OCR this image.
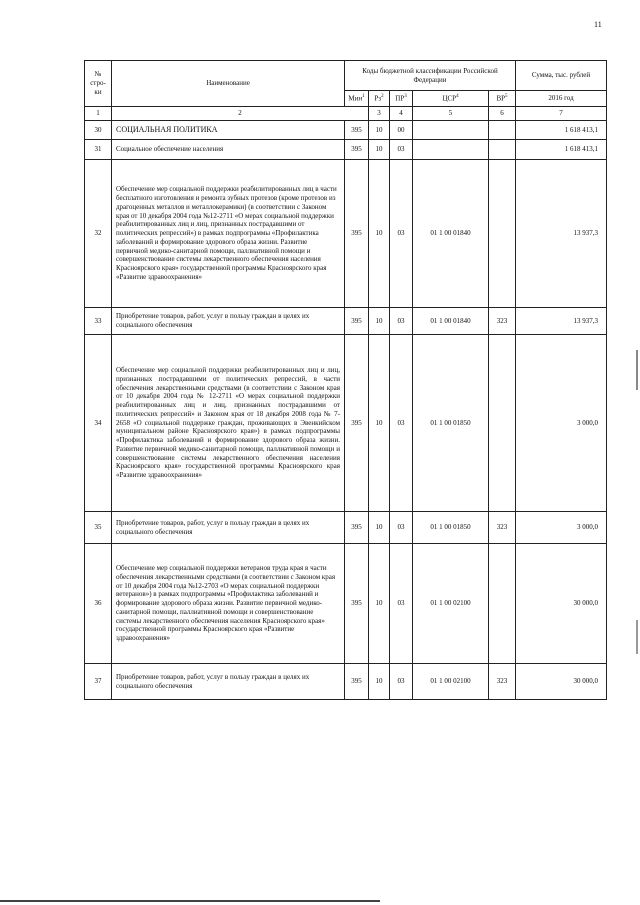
11
№ стро-ки	Наименование	Коды бюджетной классификации Российской Федерации					Сумма, тыс. рублей
		Мин$^1$	$Рз^2$	$ПР^3$	ЦСР$^4$	$ВР^5$	2016 год
1	2		3	4	5	6	7
30	СОЦИАЛЬНАЯ ПОЛИТИКА	395	10	00			1 618 413,1
31	Социальное обеспечение населения	395	10	03			1 618 413,1
32	Обеспечение мер социальной поддержки реабилитированных лиц в части бесплатного изготовления и ремонта зубных протезов (кроме протезов из драгоценных металлов и металлокерамики) (в соответствии с Законом края от 10 декабря 2004 года №12-2711 «О мерах социальной поддержки реабилитированных лиц и лиц, признанных пострадавшими от политических репрессий») в рамках подпрограммы «Профилактика заболеваний и формирование здорового образа жизни. Развитие первичной медико-санитарной помощи, паллиативной помощи и совершенствование системы лекарственного обеспечения населения Красноярского края» государственной программы Красноярского края «Развитие здравоохранения»	395	10	03	01 1 00 01840		13 937,3
33	Приобретение товаров, работ, услуг в пользу граждан в целях их социального обеспечения	395	10	03	01 1 00 01840	323	13 937,3
34	Обеспечение мер социальной поддержки реабилитированных лиц и лиц, признанных пострадавшими от политических репрессий, в части обеспечения лекарственными средствами (в соответствии с Законом края от 10 декабря 2004 года № 12-2711 «О мерах социальной поддержки реабилитированных лиц и лиц, признанных пострадавшими от политических репрессий» и Законом края от 18 декабря 2008 года № 7-2658 «О социальной поддержке граждан, проживающих в Эвенкийском муниципальном районе Красноярского края») в рамках подпрограммы «Профилактика заболеваний и формирование здорового образа жизни. Развитие первичной медико-санитарной помощи, паллиативной помощи и совершенствование системы лекарственного обеспечения населения Красноярского края» государственной программы Красноярского края «Развитие здравоохранения»	395	10	03	01 1 00 01850		3 000,0
35	Приобретение товаров, работ, услуг в пользу граждан в целях их социального обеспечения	395	10	03	01 1 00 01850	323	3 000,0
36	Обеспечение мер социальной поддержки ветеранов труда края в части обеспечения лекарственными средствами (в соответствии с Законом края от 10 декабря 2004 года №12-2703 «О мерах социальной поддержки ветеранов») в рамках подпрограммы «Профилактика заболеваний и формирование здорового образа жизни. Развитие первичной медико-санитарной помощи, паллиативной помощи и совершенствование системы лекарственного обеспечения населения Красноярского края» государственной программы Красноярского края «Развитие здравоохранения»	395	10	03	01 1 00 02100		30 000,0
37	Приобретение товаров, работ, услуг в пользу граждан в целях их социального обеспечения	395	10	03	01 1 00 02100	323	30 000,0
